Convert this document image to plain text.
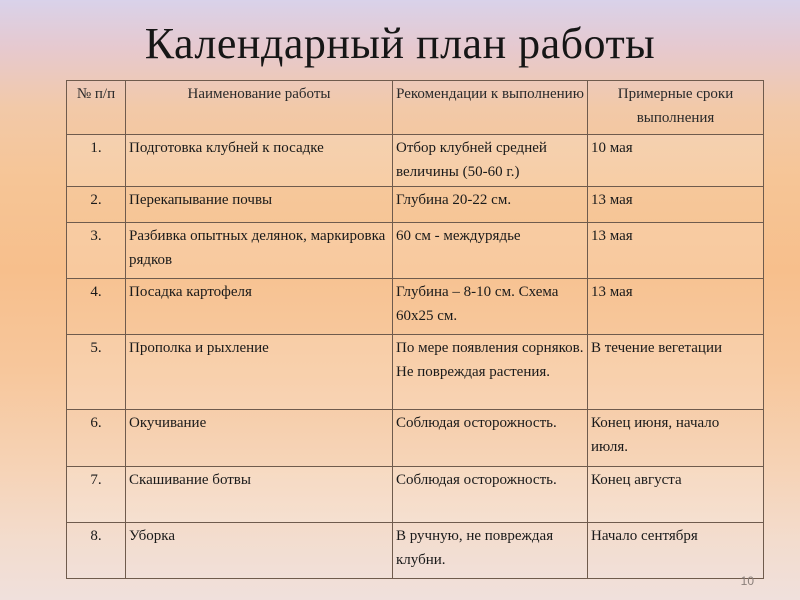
Календарный план работы
№ п/п	Наименование работы	Рекомендации к выполнению	Примерные сроки выполнения
1.	Подготовка клубней к посадке	Отбор клубней средней величины (50-60 г.)	10 мая
2.	Перекапывание почвы	Глубина 20-22 см.	13 мая
3.	Разбивка опытных делянок, маркировка рядков	60 см - междурядье	13 мая
4.	Посадка картофеля	Глубина – 8-10 см. Схема 60х25 см.	13 мая
5.	Прополка и рыхление	По мере появления сорняков. Не повреждая растения.	В течение вегетации
6.	Окучивание	Соблюдая осторожность.	Конец июня, начало июля.
7.	Скашивание ботвы	Соблюдая осторожность.	Конец августа
8.	Уборка	В ручную, не повреждая клубни.	Начало сентября
10
